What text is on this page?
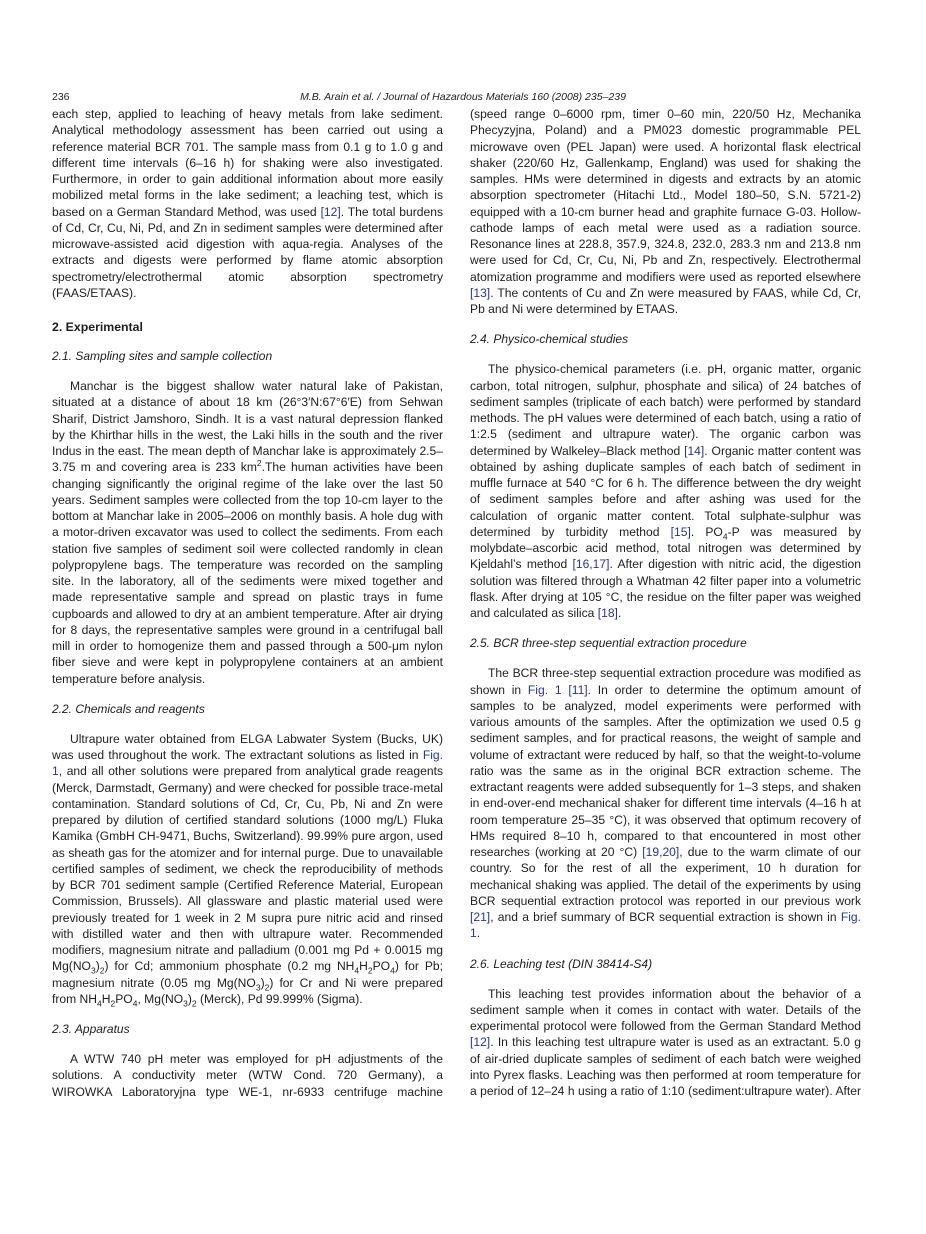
236	M.B. Arain et al. / Journal of Hazardous Materials 160 (2008) 235–239
each step, applied to leaching of heavy metals from lake sediment. Analytical methodology assessment has been carried out using a reference material BCR 701. The sample mass from 0.1 g to 1.0 g and different time intervals (6–16 h) for shaking were also investigated. Furthermore, in order to gain additional information about more easily mobilized metal forms in the lake sediment; a leaching test, which is based on a German Standard Method, was used [12]. The total burdens of Cd, Cr, Cu, Ni, Pd, and Zn in sediment samples were determined after microwave-assisted acid digestion with aqua-regia. Analyses of the extracts and digests were performed by flame atomic absorption spectrometry/electrothermal atomic absorption spectrometry (FAAS/ETAAS).
2. Experimental
2.1. Sampling sites and sample collection
Manchar is the biggest shallow water natural lake of Pakistan, situated at a distance of about 18 km (26°3′N:67°6′E) from Sehwan Sharif, District Jamshoro, Sindh. It is a vast natural depression flanked by the Khirthar hills in the west, the Laki hills in the south and the river Indus in the east. The mean depth of Manchar lake is approximately 2.5–3.75 m and covering area is 233 $km^2.The$ human activities have been changing significantly the original regime of the lake over the last 50 years. Sediment samples were collected from the top 10-cm layer to the bottom at Manchar lake in 2005–2006 on monthly basis. A hole dug with a motor-driven excavator was used to collect the sediments. From each station five samples of sediment soil were collected randomly in clean polypropylene bags. The temperature was recorded on the sampling site. In the laboratory, all of the sediments were mixed together and made representative sample and spread on plastic trays in fume cupboards and allowed to dry at an ambient temperature. After air drying for 8 days, the representative samples were ground in a centrifugal ball mill in order to homogenize them and passed through a 500-μm nylon fiber sieve and were kept in polypropylene containers at an ambient temperature before analysis.
2.2. Chemicals and reagents
Ultrapure water obtained from ELGA Labwater System (Bucks, UK) was used throughout the work. The extractant solutions as listed in Fig. 1, and all other solutions were prepared from analytical grade reagents (Merck, Darmstadt, Germany) and were checked for possible trace-metal contamination. Standard solutions of Cd, Cr, Cu, Pb, Ni and Zn were prepared by dilution of certified standard solutions (1000 mg/L) Fluka Kamika (GmbH CH-9471, Buchs, Switzerland). 99.99% pure argon, used as sheath gas for the atomizer and for internal purge. Due to unavailable certified samples of sediment, we check the reproducibility of methods by BCR 701 sediment sample (Certified Reference Material, European Commission, Brussels). All glassware and plastic material used were previously treated for 1 week in 2 M supra pure nitric acid and rinsed with distilled water and then with ultrapure water. Recommended modifiers, magnesium nitrate and palladium (0.001 mg Pd + 0.0015 mg $Mg(NO_3)_2$) for Cd; ammonium phosphate (0.2 mg $NH_4H_2PO_4$) for Pb; magnesium nitrate (0.05 mg $Mg(NO_3)_2$) for Cr and Ni were prepared from $NH_4H_2PO_4$, $Mg(NO_3)_2$ (Merck), Pd 99.999% (Sigma).
2.3. Apparatus
A WTW 740 pH meter was employed for pH adjustments of the solutions. A conductivity meter (WTW Cond. 720 Germany), a WIROWKA Laboratoryjna type WE-1, nr-6933 centrifuge machine
(speed range 0–6000 rpm, timer 0–60 min, 220/50 Hz, Mechanika Phecyzyjna, Poland) and a PM023 domestic programmable PEL microwave oven (PEL Japan) were used. A horizontal flask electrical shaker (220/60 Hz, Gallenkamp, England) was used for shaking the samples. HMs were determined in digests and extracts by an atomic absorption spectrometer (Hitachi Ltd., Model 180–50, S.N. 5721-2) equipped with a 10-cm burner head and graphite furnace G-03. Hollow-cathode lamps of each metal were used as a radiation source. Resonance lines at 228.8, 357.9, 324.8, 232.0, 283.3 nm and 213.8 nm were used for Cd, Cr, Cu, Ni, Pb and Zn, respectively. Electrothermal atomization programme and modifiers were used as reported elsewhere [13]. The contents of Cu and Zn were measured by FAAS, while Cd, Cr, Pb and Ni were determined by ETAAS.
2.4. Physico-chemical studies
The physico-chemical parameters (i.e. pH, organic matter, organic carbon, total nitrogen, sulphur, phosphate and silica) of 24 batches of sediment samples (triplicate of each batch) were performed by standard methods. The pH values were determined of each batch, using a ratio of 1:2.5 (sediment and ultrapure water). The organic carbon was determined by Walkeley–Black method [14]. Organic matter content was obtained by ashing duplicate samples of each batch of sediment in muffle furnace at 540 °C for 6 h. The difference between the dry weight of sediment samples before and after ashing was used for the calculation of organic matter content. Total sulphate-sulphur was determined by turbidity method [15]. $PO_4-P$ was measured by molybdate–ascorbic acid method, total nitrogen was determined by Kjeldahl’s method [16,17]. After digestion with nitric acid, the digestion solution was filtered through a Whatman 42 filter paper into a volumetric flask. After drying at 105 °C, the residue on the filter paper was weighed and calculated as silica [18].
2.5. BCR three-step sequential extraction procedure
The BCR three-step sequential extraction procedure was modified as shown in Fig. 1 [11]. In order to determine the optimum amount of samples to be analyzed, model experiments were performed with various amounts of the samples. After the optimization we used 0.5 g sediment samples, and for practical reasons, the weight of sample and volume of extractant were reduced by half, so that the weight-to-volume ratio was the same as in the original BCR extraction scheme. The extractant reagents were added subsequently for 1–3 steps, and shaken in end-over-end mechanical shaker for different time intervals (4–16 h at room temperature 25–35 °C), it was observed that optimum recovery of HMs required 8–10 h, compared to that encountered in most other researches (working at 20 °C) [19,20], due to the warm climate of our country. So for the rest of all the experiment, 10 h duration for mechanical shaking was applied. The detail of the experiments by using BCR sequential extraction protocol was reported in our previous work [21], and a brief summary of BCR sequential extraction is shown in Fig. 1.
2.6. Leaching test (DIN 38414-S4)
This leaching test provides information about the behavior of a sediment sample when it comes in contact with water. Details of the experimental protocol were followed from the German Standard Method [12]. In this leaching test ultrapure water is used as an extractant. 5.0 g of air-dried duplicate samples of sediment of each batch were weighed into Pyrex flasks. Leaching was then performed at room temperature for a period of 12–24 h using a ratio of 1:10 (sediment:ultrapure water). After
